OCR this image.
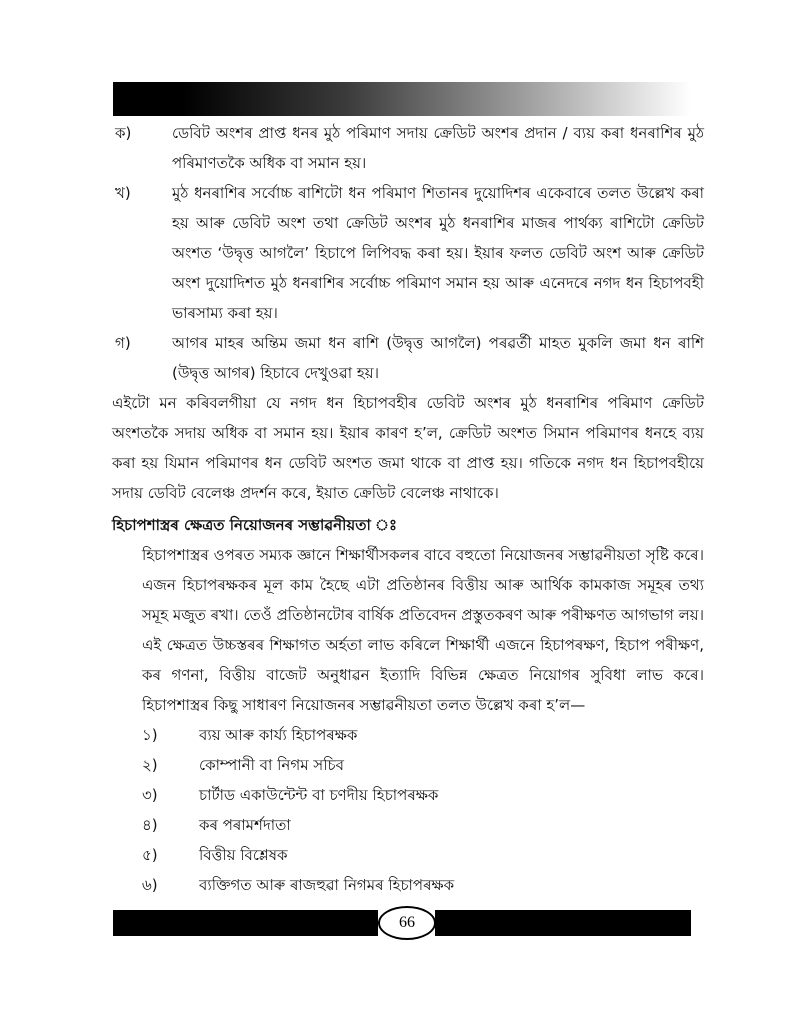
ক)	ডেবিট অংশৰ প্ৰাপ্ত ধনৰ মুঠ পৰিমাণ সদায় ক্ৰেডিট অংশৰ প্ৰদান / ব্যয় কৰা ধনৰাশিৰ মুঠ পৰিমাণতকৈ অধিক বা সমান হয়।
খ)	মুঠ ধনৰাশিৰ সৰ্বোচ্চ ৰাশিটো ধন পৰিমাণ শিতানৰ দুয়োদিশৰ একেবাৰে তলত উল্লেখ কৰা হয় আৰু ডেবিট অংশ তথা ক্ৰেডিট অংশৰ মুঠ ধনৰাশিৰ মাজৰ পাৰ্থক্য ৰাশিটো ক্ৰেডিট অংশত ‘উদ্বৃত্ত আগলৈ’ হিচাপে লিপিবদ্ধ কৰা হয়। ইয়াৰ ফলত ডেবিট অংশ আৰু ক্ৰেডিট অংশ দুয়োদিশত মুঠ ধনৰাশিৰ সৰ্বোচ্চ পৰিমাণ সমান হয় আৰু এনেদৰে নগদ ধন হিচাপবহী ভাৰসাম্য কৰা হয়।
গ)	আগৰ মাহৰ অন্তিম জমা ধন ৰাশি (উদ্বৃত্ত আগলৈ) পৰৱৰ্তী মাহত মুকলি জমা ধন ৰাশি (উদ্বৃত্ত আগৰ) হিচাবে দেখুওৱা হয়।

এইটো মন কৰিবলগীয়া যে নগদ ধন হিচাপবহীৰ ডেবিট অংশৰ মুঠ ধনৰাশিৰ পৰিমাণ ক্ৰেডিট অংশতকৈ সদায় অধিক বা সমান হয়। ইয়াৰ কাৰণ হ’ল, ক্ৰেডিট অংশত সিমান পৰিমাণৰ ধনহে ব্যয় কৰা হয় যিমান পৰিমাণৰ ধন ডেবিট অংশত জমা থাকে বা প্ৰাপ্ত হয়। গতিকে নগদ ধন হিচাপবহীয়ে সদায় ডেবিট বেলেঞ্চ প্ৰদৰ্শন কৰে, ইয়াত ক্ৰেডিট বেলেঞ্চ নাথাকে।

হিচাপশাস্ত্ৰৰ ক্ষেত্ৰত নিয়োজনৰ সম্ভাৱনীয়তা ঃ

হিচাপশাস্ত্ৰৰ ওপৰত সম্যক জ্ঞানে শিক্ষাৰ্থীসকলৰ বাবে বহুতো নিয়োজনৰ সম্ভাৱনীয়তা সৃষ্টি কৰে। এজন হিচাপৰক্ষকৰ মূল কাম হৈছে এটা প্ৰতিষ্ঠানৰ বিত্তীয় আৰু আৰ্থিক কামকাজ সমূহৰ তথ্য সমূহ মজুত ৰখা। তেওঁ প্ৰতিষ্ঠানটোৰ বাৰ্ষিক প্ৰতিবেদন প্ৰস্তুতকৰণ আৰু পৰীক্ষণত আগভাগ লয়। এই ক্ষেত্ৰত উচ্চস্তৰৰ শিক্ষাগত অৰ্হতা লাভ কৰিলে শিক্ষাৰ্থী এজনে হিচাপৰক্ষণ, হিচাপ পৰীক্ষণ, কৰ গণনা, বিত্তীয় বাজেট অনুধাৱন ইত্যাদি বিভিন্ন ক্ষেত্ৰত নিয়োগৰ সুবিধা লাভ কৰে। হিচাপশাস্ত্ৰৰ কিছু সাধাৰণ নিয়োজনৰ সম্ভাৱনীয়তা তলত উল্লেখ কৰা হ’ল—

১)	ব্যয় আৰু কাৰ্য্য হিচাপৰক্ষক
২)	কোম্পানী বা নিগম সচিব
৩)	চাৰ্টাড একাউন্টেন্ট বা চণদীয় হিচাপৰক্ষক
৪)	কৰ পৰামৰ্শদাতা
৫)	বিত্তীয় বিশ্লেষক
৬)	ব্যক্তিগত আৰু ৰাজহুৱা নিগমৰ হিচাপৰক্ষক
66
